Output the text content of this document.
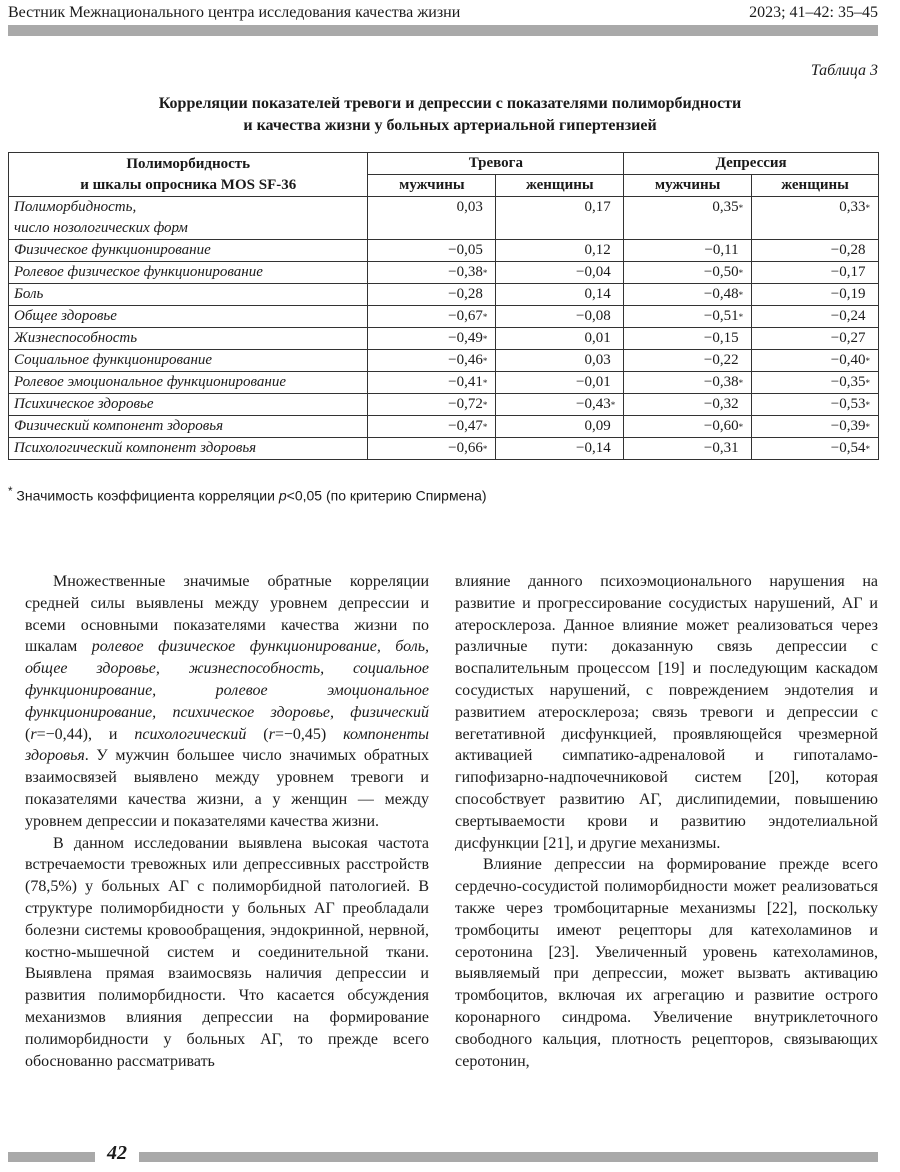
Вестник Межнационального центра исследования качества жизни	2023; 41–42: 35–45
Таблица 3
Корреляции показателей тревоги и депрессии с показателями полиморбидности
и качества жизни у больных артериальной гипертензией
Полиморбидность
и шкалы опросника MOS SF-36	Тревога		Депрессия	
	мужчины	женщины	мужчины	женщины

Полиморбидность,
число нозологических форм	0,03	0,17	0,35*	0,33*

Физическое функционирование	−0,05	0,12	−0,11	−0,28

Ролевое физическое функционирование	−0,38*	−0,04	−0,50*	−0,17

Боль	−0,28	0,14	−0,48*	−0,19

Общее здоровье	−0,67*	−0,08	−0,51*	−0,24

Жизнеспособность	−0,49*	0,01	−0,15	−0,27

Социальное функционирование	−0,46*	0,03	−0,22	−0,40*

Ролевое эмоциональное функционирование	−0,41*	−0,01	−0,38*	−0,35*

Психическое здоровье	−0,72*	−0,43*	−0,32	−0,53*

Физический компонент здоровья	−0,47*	0,09	−0,60*	−0,39*

Психологический компонент здоровья	−0,66*	−0,14	−0,31	−0,54*
* Значимость коэффициента корреляции p<0,05 (по критерию Спирмена)

Множественные значимые обратные корреляции средней силы выявлены между уровнем депрессии и всеми основными показателями качества жизни по шкалам ролевое физическое функционирование, боль, общее здоровье, жизнеспособность, социальное функционирование, ролевое эмоциональное функционирование, психическое здоровье, физический (r=−0,44), и психологический (r=−0,45) компоненты здоровья. У мужчин большее число значимых обратных взаимосвязей выявлено между уровнем тревоги и показателями качества жизни, а у женщин — между уровнем депрессии и показателями качества жизни.

В данном исследовании выявлена высокая частота встречаемости тревожных или депрессивных расстройств (78,5%) у больных АГ с полиморбидной патологией. В структуре полиморбидности у больных АГ преобладали болезни системы кровообращения, эндокринной, нервной, костно-мышечной систем и соединительной ткани. Выявлена прямая взаимосвязь наличия депрессии и развития полиморбидности. Что касается обсуждения механизмов влияния депрессии на формирование полиморбидности у больных АГ, то прежде всего обоснованно рассматривать

влияние данного психоэмоционального нарушения на развитие и прогрессирование сосудистых нарушений, АГ и атеросклероза. Данное влияние может реализоваться через различные пути: доказанную связь депрессии с воспалительным процессом [19] и последующим каскадом сосудистых нарушений, с повреждением эндотелия и развитием атеросклероза; связь тревоги и депрессии с вегетативной дисфункцией, проявляющейся чрезмерной активацией симпатико-адреналовой и гипоталамо-гипофизарно-надпочечниковой систем [20], которая способствует развитию АГ, дислипидемии, повышению свертываемости крови и развитию эндотелиальной дисфункции [21], и другие механизмы.

Влияние депрессии на формирование прежде всего сердечно-сосудистой полиморбидности может реализоваться также через тромбоцитарные механизмы [22], поскольку тромбоциты имеют рецепторы для катехоламинов и серотонина [23]. Увеличенный уровень катехоламинов, выявляемый при депрессии, может вызвать активацию тромбоцитов, включая их агрегацию и развитие острого коронарного синдрома. Увеличение внутриклеточного свободного кальция, плотность рецепторов, связывающих серотонин,

42
